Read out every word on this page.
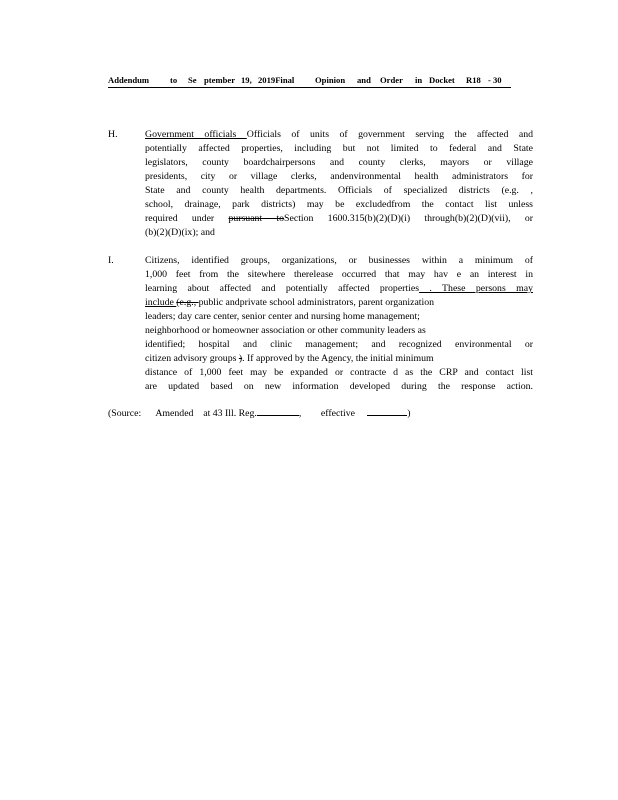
Addendum to Se ptember 19, 2019Final Opinion and Order in Docket R18 - 30
H.	Government officials Officials of units of government serving the affected and
potentially affected properties, including but not limited to federal and State
legislators, county boardchairpersons and county clerks, mayors or village
presidents, city or village clerks, andenvironmental health administrators for
State and county health departments. Officials of specialized districts (e.g. ,
school, drainage, park districts) may be excludedfrom the contact list unless
required under pursuant toSection 1600.315(b)(2)(D)(i) through(b)(2)(D)(vii), or
(b)(2)(D)(ix); and
I.	Citizens, identified groups, organizations, or businesses within a minimum of
1,000 feet from the sitewhere therelease occurred that may hav e an interest in
learning about affected and potentially affected properties . These persons may
include (e.g., public andprivate school administrators, parent organization
leaders; day care center, senior center and nursing home management;
neighborhood or homeowner association or other community leaders as
identified; hospital and clinic management; and recognized environmental or
citizen advisory groups ). If approved by the Agency, the initial minimum
distance of 1,000 feet may be expanded or contracte d as the CRP and contact list
are updated based on new information developed during the response action.
(Source: Amended at 43 Ill. Reg.	, effective	)
